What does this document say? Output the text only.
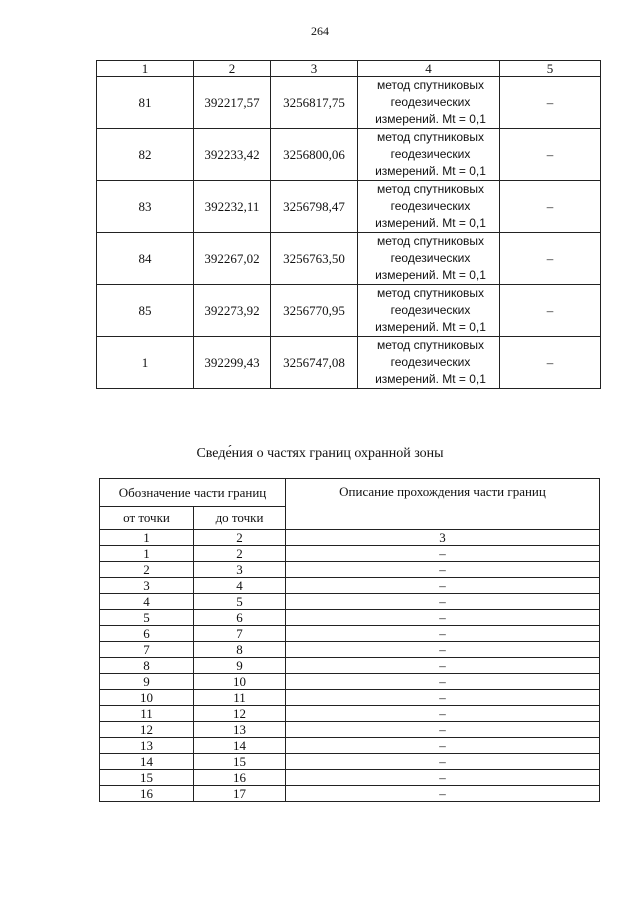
264
1	2	3	4	5
81	392217,57	3256817,75	метод спутниковых
геодезических
измерений. Mt = 0,1	–
82	392233,42	3256800,06	метод спутниковых
геодезических
измерений. Mt = 0,1	–
83	392232,11	3256798,47	метод спутниковых
геодезических
измерений. Mt = 0,1	–
84	392267,02	3256763,50	метод спутниковых
геодезических
измерений. Mt = 0,1	–
85	392273,92	3256770,95	метод спутниковых
геодезических
измерений. Mt = 0,1	–
1	392299,43	3256747,08	метод спутниковых
геодезических
измерений. Mt = 0,1	–
Сведе́ния о частях границ охранной зоны
Обозначение части границ		Описание прохождения части границ
от точки	до точки	
1	2	3
1	2	–
2	3	–
3	4	–
4	5	–
5	6	–
6	7	–
7	8	–
8	9	–
9	10	–
10	11	–
11	12	–
12	13	–
13	14	–
14	15	–
15	16	–
16	17	–
